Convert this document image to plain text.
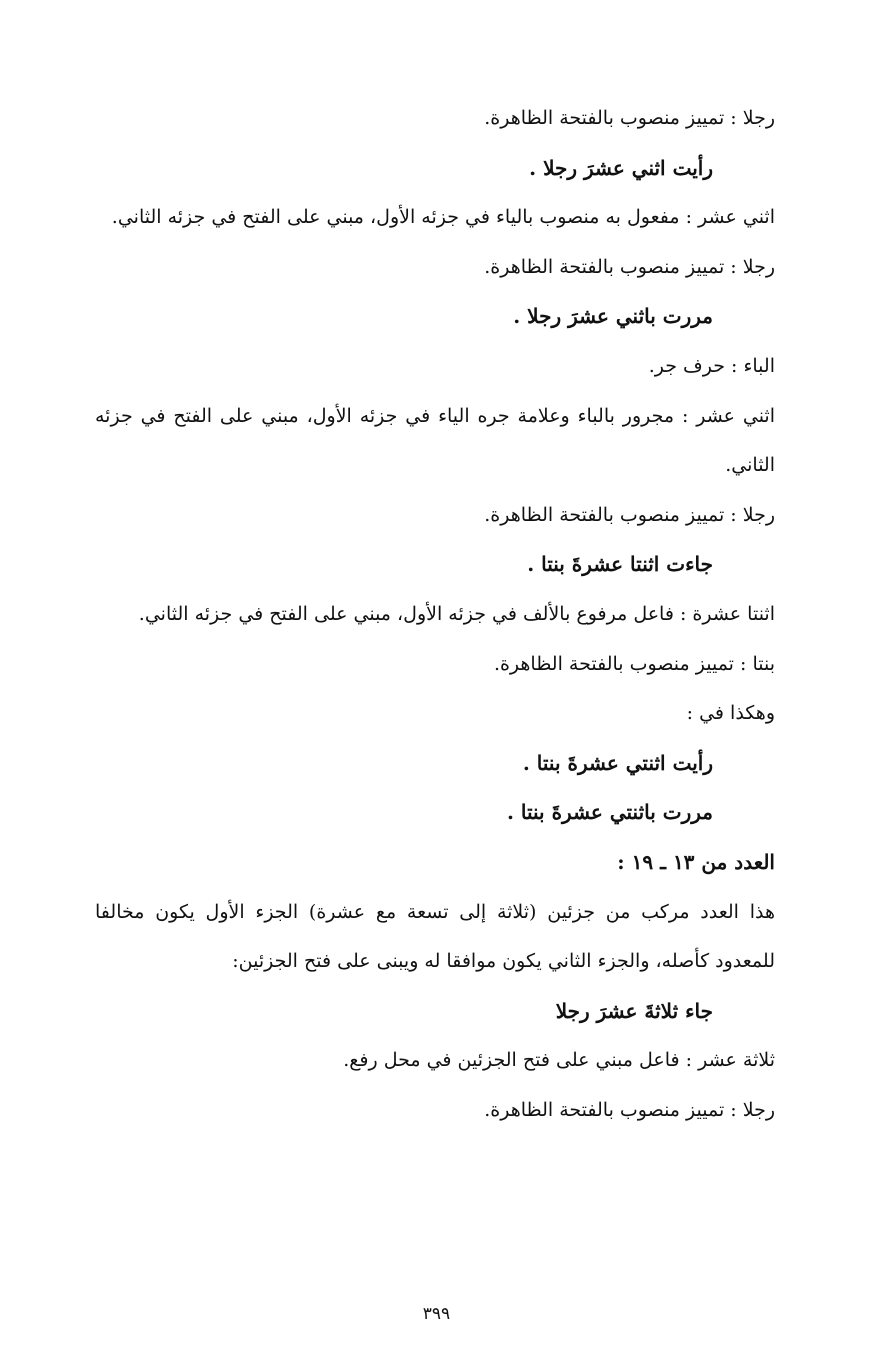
رجلا : تمييز منصوب بالفتحة الظاهرة.
رأيت اثني عشرَ رجلا .
اثني عشر : مفعول به منصوب بالياء في جزئه الأول، مبني على الفتح في جزئه الثاني.
رجلا : تمييز منصوب بالفتحة الظاهرة.
مررت باثني عشرَ رجلا .
الباء : حرف جر.
اثني عشر : مجرور بالباء وعلامة جره الياء في جزئه الأول، مبني على الفتح في جزئه الثاني.
رجلا : تمييز منصوب بالفتحة الظاهرة.
جاءت اثنتا عشرةَ بنتا .
اثنتا عشرة : فاعل مرفوع بالألف في جزئه الأول، مبني على الفتح في جزئه الثاني.
بنتا : تمييز منصوب بالفتحة الظاهرة.
وهكذا في :
رأيت اثنتي عشرةَ بنتا .
مررت باثنتي عشرةَ بنتا .
العدد من ١٣ ـ ١٩ :
هذا العدد مركب من جزئين (ثلاثة إلى تسعة مع عشرة) الجزء الأول يكون مخالفا للمعدود كأصله، والجزء الثاني يكون موافقا له ويبنى على فتح الجزئين:
جاء ثلاثةَ عشرَ رجلا
ثلاثة عشر : فاعل مبني على فتح الجزئين في محل رفع.
رجلا : تمييز منصوب بالفتحة الظاهرة.
٣٩٩
